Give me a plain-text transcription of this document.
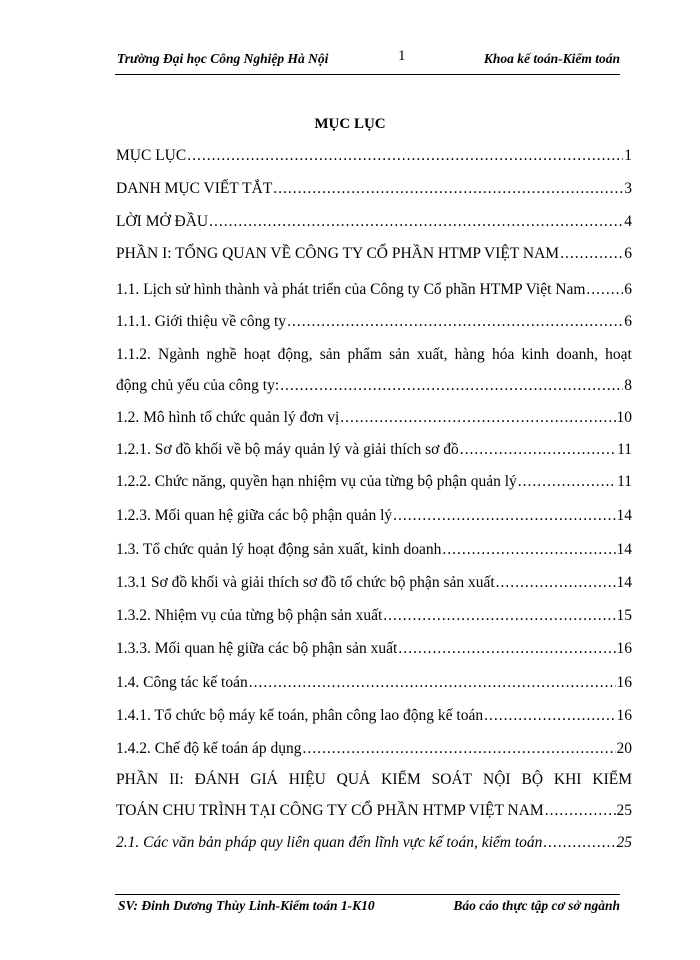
Trường Đại học Công Nghiệp Hà Nội	1	Khoa kế toán-Kiểm toán
MỤC LỤC
MỤC LỤC .....	1
DANH MỤC VIẾT TẮT .....	3
LỜI MỞ ĐẦU .....	4
PHẦN I: TỔNG QUAN VỀ CÔNG TY CỔ PHẦN HTMP VIỆT NAM .....	6
1.1. Lịch sử hình thành và phát triển của Công ty Cổ phần HTMP Việt Nam .....	6
1.1.1. Giới thiệu về công ty .....	6
1.1.2. Ngành nghề hoạt động, sản phẩm sản xuất, hàng hóa kinh doanh, hoạt
động chủ yếu của công ty: .....	8
1.2. Mô hình tổ chức quản lý đơn vị .....	10
1.2.1. Sơ đồ khối về bộ máy quản lý và giải thích sơ đồ .....	11
1.2.2. Chức năng, quyền hạn nhiệm vụ của từng bộ phận quản lý .....	11
1.2.3. Mối quan hệ giữa các bộ phận quản lý .....	14
1.3. Tổ chức quản lý hoạt động sản xuất, kinh doanh .....	14
1.3.1 Sơ đồ khối và giải thích sơ đồ tổ chức bộ phận sản xuất .....	14
1.3.2. Nhiệm vụ của từng bộ phận sản xuất .....	15
1.3.3. Mối quan hệ giữa các bộ phận sản xuất .....	16
1.4. Công tác kế toán .....	16
1.4.1. Tổ chức bộ máy kế toán, phân công lao động kế toán .....	16
1.4.2. Chế độ kế toán áp dụng .....	20
PHẦN II: ĐÁNH GIÁ HIỆU QUẢ KIỂM SOÁT NỘI BỘ KHI KIỂM
TOÁN CHU TRÌNH TẠI CÔNG TY CỔ PHẦN HTMP VIỆT NAM .....	25
2.1. Các văn bản pháp quy liên quan đến lĩnh vực kế toán, kiểm toán .....	25
SV: Đinh Dương Thùy Linh-Kiểm toán 1-K10	Báo cáo thực tập cơ sở ngành
